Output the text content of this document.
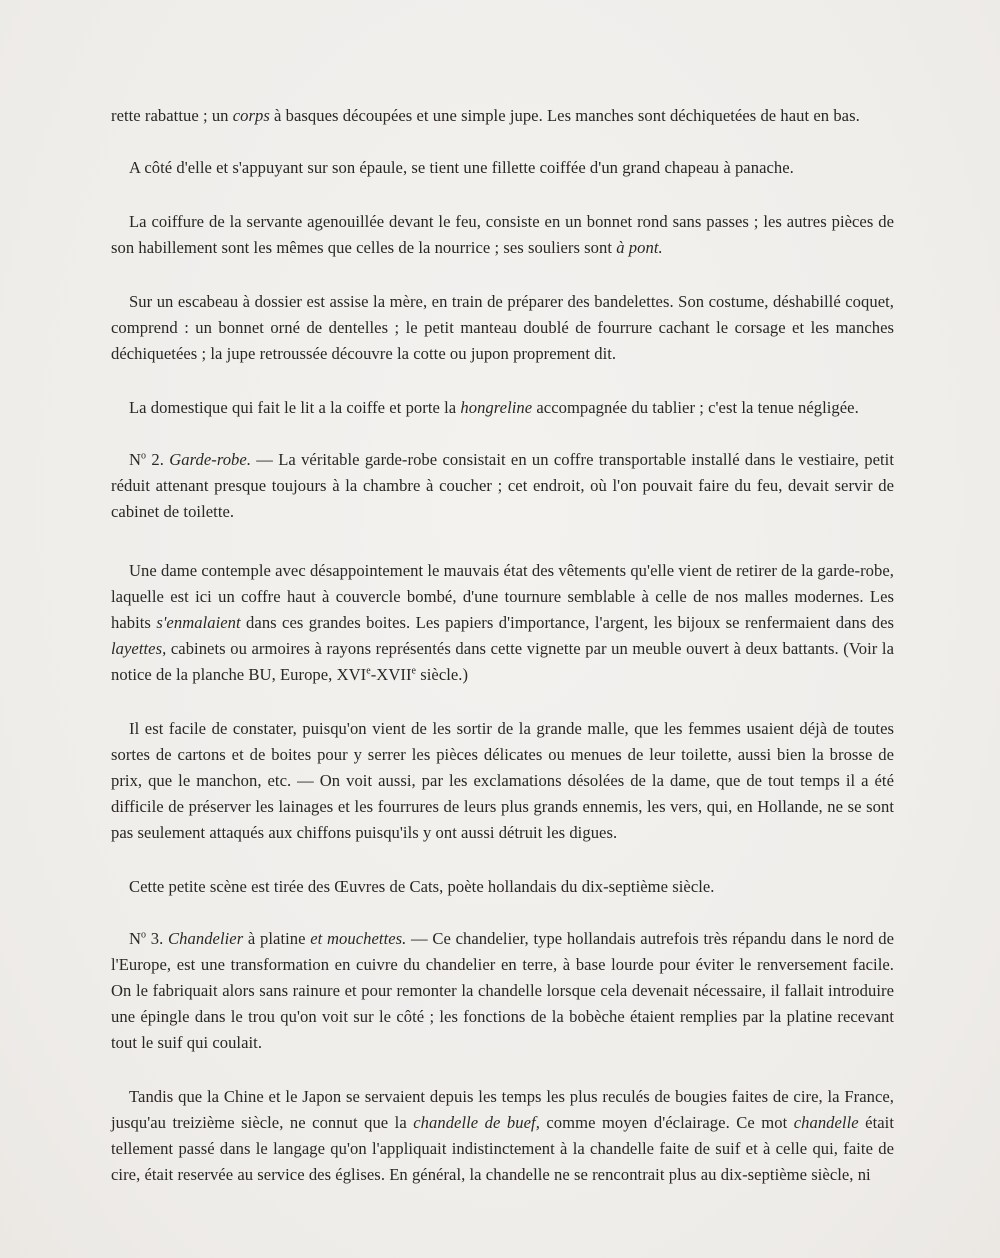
rette rabattue ; un corps à basques découpées et une simple jupe. Les manches sont déchiquetées de haut en bas.

A côté d'elle et s'appuyant sur son épaule, se tient une fillette coiffée d'un grand chapeau à panache.

La coiffure de la servante agenouillée devant le feu, consiste en un bonnet rond sans passes ; les autres pièces de son habillement sont les mêmes que celles de la nourrice ; ses souliers sont à pont.

Sur un escabeau à dossier est assise la mère, en train de préparer des bandelettes. Son costume, déshabillé coquet, comprend : un bonnet orné de dentelles ; le petit manteau doublé de fourrure cachant le corsage et les manches déchiquetées ; la jupe retroussée découvre la cotte ou jupon proprement dit.

La domestique qui fait le lit a la coiffe et porte la hongreline accompagnée du tablier ; c'est la tenue négligée.

$N^o$ 2. Garde-robe. — La véritable garde-robe consistait en un coffre transportable installé dans le vestiaire, petit réduit attenant presque toujours à la chambre à coucher ; cet endroit, où l'on pouvait faire du feu, devait servir de cabinet de toilette.

Une dame contemple avec désappointement le mauvais état des vêtements qu'elle vient de retirer de la garde-robe, laquelle est ici un coffre haut à couvercle bombé, d'une tournure semblable à celle de nos malles modernes. Les habits s'enmalaient dans ces grandes boites. Les papiers d'importance, l'argent, les bijoux se renfermaient dans des layettes, cabinets ou armoires à rayons représentés dans cette vignette par un meuble ouvert à deux battants. (Voir la notice de la planche BU, Europe, XVIe-XVIIe siècle.)

Il est facile de constater, puisqu'on vient de les sortir de la grande malle, que les femmes usaient déjà de toutes sortes de cartons et de boites pour y serrer les pièces délicates ou menues de leur toilette, aussi bien la brosse de prix, que le manchon, etc. — On voit aussi, par les exclamations désolées de la dame, que de tout temps il a été difficile de préserver les lainages et les fourrures de leurs plus grands ennemis, les vers, qui, en Hollande, ne se sont pas seulement attaqués aux chiffons puisqu'ils y ont aussi détruit les digues.

Cette petite scène est tirée des Œuvres de Cats, poète hollandais du dix-septième siècle.

$N^o$ 3. Chandelier à platine et mouchettes. — Ce chandelier, type hollandais autrefois très répandu dans le nord de l'Europe, est une transformation en cuivre du chandelier en terre, à base lourde pour éviter le renversement facile. On le fabriquait alors sans rainure et pour remonter la chandelle lorsque cela devenait nécessaire, il fallait introduire une épingle dans le trou qu'on voit sur le côté ; les fonctions de la bobèche étaient remplies par la platine recevant tout le suif qui coulait.

Tandis que la Chine et le Japon se servaient depuis les temps les plus reculés de bougies faites de cire, la France, jusqu'au treizième siècle, ne connut que la chandelle de buef, comme moyen d'éclairage. Ce mot chandelle était tellement passé dans le langage qu'on l'appliquait indistinctement à la chandelle faite de suif et à celle qui, faite de cire, était reservée au service des églises. En général, la chandelle ne se rencontrait plus au dix-septième siècle, ni
